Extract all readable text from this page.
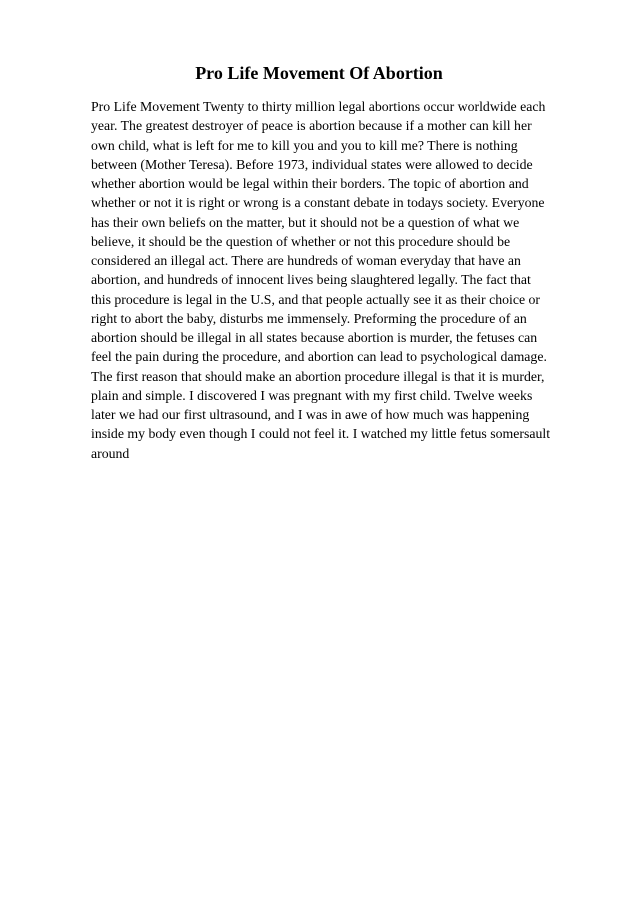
Pro Life Movement Of Abortion
Pro Life Movement Twenty to thirty million legal abortions occur worldwide each
year. The greatest destroyer of peace is abortion because if a mother can kill her
own child, what is left for me to kill you and you to kill me? There is nothing
between (Mother Teresa). Before 1973, individual states were allowed to decide
whether abortion would be legal within their borders. The topic of abortion and
whether or not it is right or wrong is a constant debate in todays society. Everyone
has their own beliefs on the matter, but it should not be a question of what we
believe, it should be the question of whether or not this procedure should be
considered an illegal act. There are hundreds of woman everyday that have an
abortion, and hundreds of innocent lives being slaughtered legally. The fact that
this procedure is legal in the U.S, and that people actually see it as their choice or
right to abort the baby, disturbs me immensely. Preforming the procedure of an
abortion should be illegal in all states because abortion is murder, the fetuses can
feel the pain during the procedure, and abortion can lead to psychological damage.
The first reason that should make an abortion procedure illegal is that it is murder,
plain and simple. I discovered I was pregnant with my first child. Twelve weeks
later we had our first ultrasound, and I was in awe of how much was happening
inside my body even though I could not feel it. I watched my little fetus somersault
around
